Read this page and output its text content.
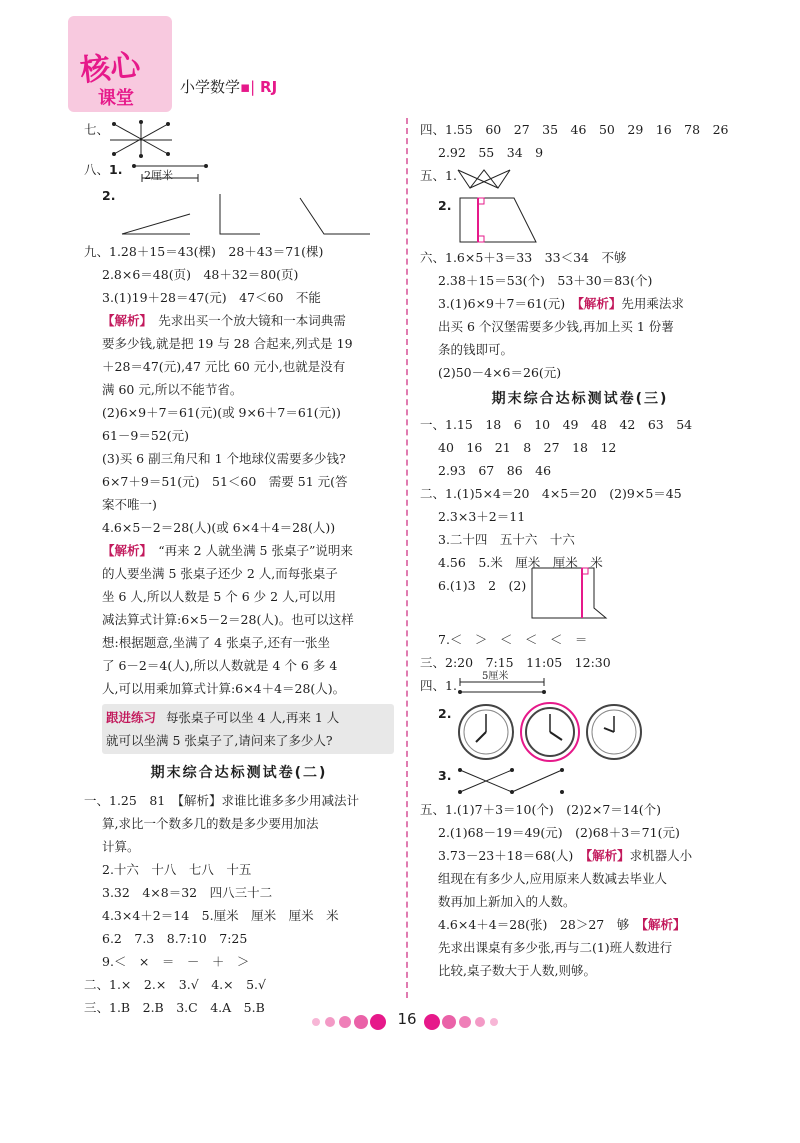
核心
课堂
小学数学▪| RJ
七、
八、1. 2厘米
2.
九、1.28＋15＝43(棵)　28＋43＝71(棵)
2.8×6＝48(页)　48＋32＝80(页)
3.(1)19＋28＝47(元)　47＜60　不能
【解析】　 先求出买一个放大镜和一本词典需
要多少钱,就是把 19 与 28 合起来,列式是 19
＋28＝47(元),47 元比 60 元小,也就是没有
满 60 元,所以不能节省。
(2)6×9＋7＝61(元)(或 9×6＋7＝61(元))
61－9＝52(元)
(3)买 6 副三角尺和 1 个地球仪需要多少钱?
6×7＋9＝51(元)　51＜60　需要 51 元(答
案不唯一)
4.6×5－2＝28(人)(或 6×4＋4＝28(人))
【解析】　 “再来 2 人就坐满 5 张桌子”说明来
的人要坐满 5 张桌子还少 2 人,而每张桌子
坐 6 人,所以人数是 5 个 6 少 2 人,可以用
减法算式计算:6×5－2＝28(人)。也可以这样
想:根据题意,坐满了 4 张桌子,还有一张坐
了 6－2＝4(人),所以人数就是 4 个 6 多 4
人,可以用乘加算式计算:6×4＋4＝28(人)。
跟进练习 每张桌子可以坐 4 人,再来 1 人
就可以坐满 5 张桌子了,请问来了多少人?
期末综合达标测试卷(二)
一、1.25　81　【解析】求谁比谁多多少用减法计
算,求比一个数多几的数是多少要用加法
计算。
2.十六　十八　七八　十五
3.32　4×8＝32　四八三十二
4.3×4＋2＝14　5.厘米　厘米　厘米　米
6.2　7.3　8.7:10　7:25
9.＜　×　＝　－　＋　＞
二、1.×　2.×　3.√　4.×　5.√
三、1.B　2.B　3.C　4.A　5.B
四、1.55　60　27　35　46　50　29　16　78　26
2.92　55　34　9
五、1.
2.
六、1.6×5＋3＝33　33＜34　不够
2.38＋15＝53(个)　53＋30＝83(个)
3.(1)6×9＋7＝61(元)　 【解析】先用乘法求
出买 6 个汉堡需要多少钱,再加上买 1 份薯
条的钱即可。
(2)50－4×6＝26(元)
期末综合达标测试卷(三)
一、1.15　18　6　10　49　48　42　63　54
40　16　21　8　27　18　12
2.93　67　86　46
二、1.(1)5×4＝20　4×5＝20　(2)9×5＝45
2.3×3＋2＝11
3.二十四　五十六　十六
4.56　5.米　厘米　厘米　米
6.(1)3　2　(2)
7.＜　＞　＜　＜　＜　＝
三、2:20　7:15　11:05　12:30
四、1.
5厘米
2.
3.
五、1.(1)7＋3＝10(个)　(2)2×7＝14(个)
2.(1)68－19＝49(元)　(2)68＋3＝71(元)
3.73－23＋18＝68(人)　 【解析】求机器人小
组现在有多少人,应用原来人数减去毕业人
数再加上新加入的人数。
4.6×4＋4＝28(张)　28＞27　够　 【解析】
先求出课桌有多少张,再与二(1)班人数进行
比较,桌子数大于人数,则够。
16
